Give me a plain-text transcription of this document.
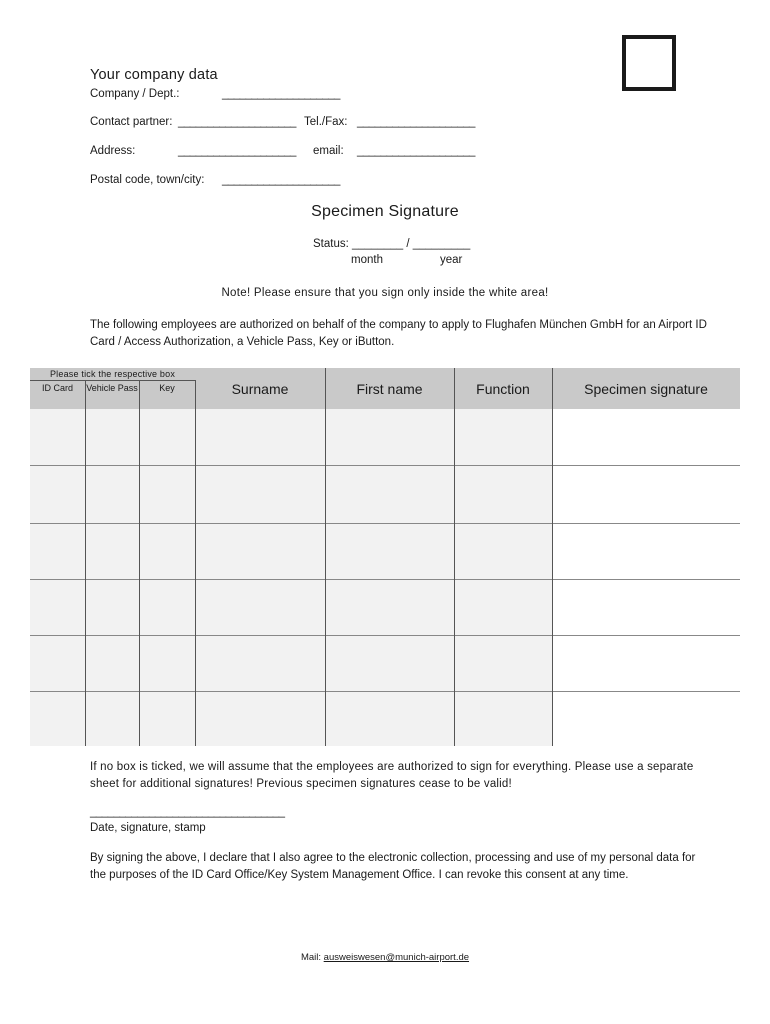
Your company data
Company / Dept.:	____________________
Contact partner: ____________________ Tel./Fax: ____________________
Address:	____________________ email: ____________________
Postal code, town/city: ____________________
Specimen Signature
Status: ________ / _________
month	year
Note! Please ensure that you sign only inside the white area!
The following employees are authorized on behalf of the company to apply to Flughafen München GmbH for an Airport ID Card / Access Authorization, a Vehicle Pass, Key or iButton.
Please tick the respective box
ID Card	Vehicle Pass	Key	Surname	First name	Function	Specimen signature
If no box is ticked, we will assume that the employees are authorized to sign for everything. Please use a separate sheet for additional signatures! Previous specimen signatures cease to be valid!
_________________________________
Date, signature, stamp
By signing the above, I declare that I also agree to the electronic collection, processing and use of my personal data for the purposes of the ID Card Office/Key System Management Office. I can revoke this consent at any time.
Mail: ausweiswesen@munich-airport.de
